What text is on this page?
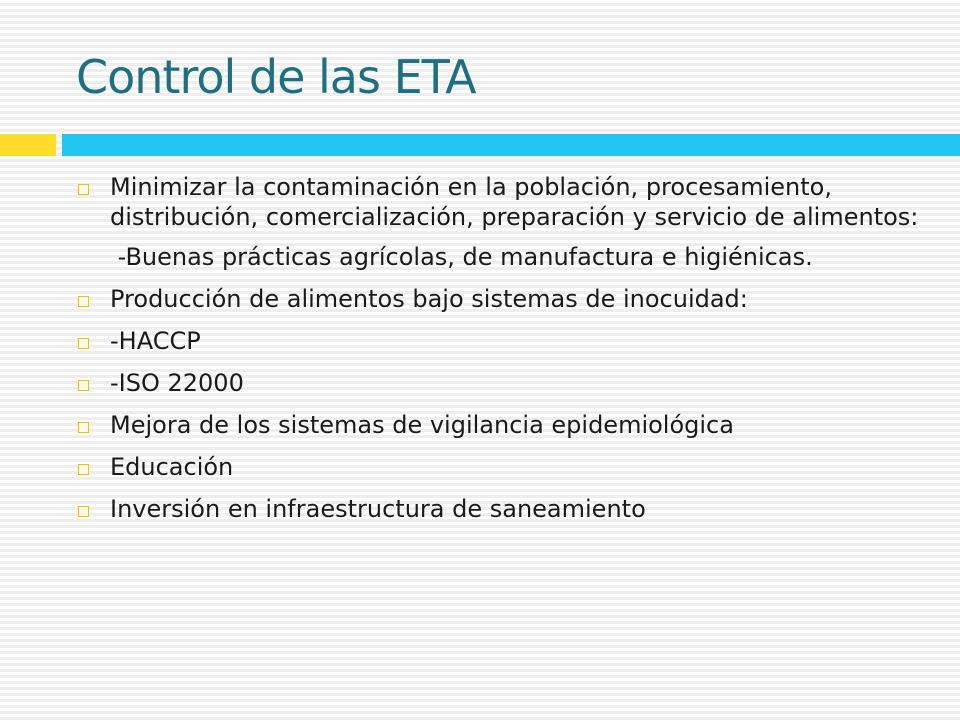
Control de las ETA
Minimizar la contaminación en la población, procesamiento, distribución, comercialización, preparación y servicio de alimentos:
-Buenas prácticas agrícolas, de manufactura e higiénicas.
Producción de alimentos bajo sistemas de inocuidad:
-HACCP
-ISO 22000
Mejora de los sistemas de vigilancia epidemiológica
Educación
Inversión en infraestructura de saneamiento
